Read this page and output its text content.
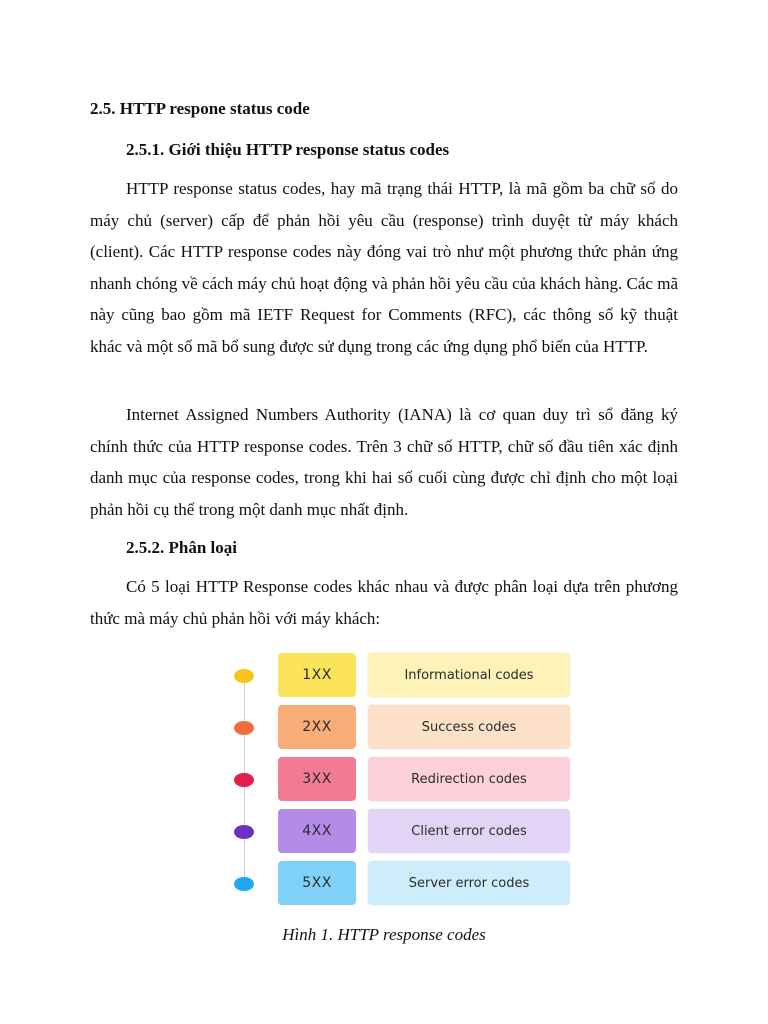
2.5. HTTP respone status code
2.5.1. Giới thiệu HTTP response status codes

HTTP response status codes, hay mã trạng thái HTTP, là mã gồm ba chữ số do máy chủ (server) cấp để phản hồi yêu cầu (response) trình duyệt từ máy khách (client). Các HTTP response codes này đóng vai trò như một phương thức phản ứng nhanh chóng về cách máy chủ hoạt động và phản hồi yêu cầu của khách hàng. Các mã này cũng bao gồm mã IETF Request for Comments (RFC), các thông số kỹ thuật khác và một số mã bổ sung được sử dụng trong các ứng dụng phổ biến của HTTP.

Internet Assigned Numbers Authority (IANA) là cơ quan duy trì sổ đăng ký chính thức của HTTP response codes. Trên 3 chữ số HTTP, chữ số đầu tiên xác định danh mục của response codes, trong khi hai số cuối cùng được chỉ định cho một loại phản hồi cụ thể trong một danh mục nhất định.

2.5.2. Phân loại

Có 5 loại HTTP Response codes khác nhau và được phân loại dựa trên phương thức mà máy chủ phản hồi với máy khách:

1XX	Informational codes
2XX	Success codes
3XX	Redirection codes
4XX	Client error codes
5XX	Server error codes

Hình 1. HTTP response codes
